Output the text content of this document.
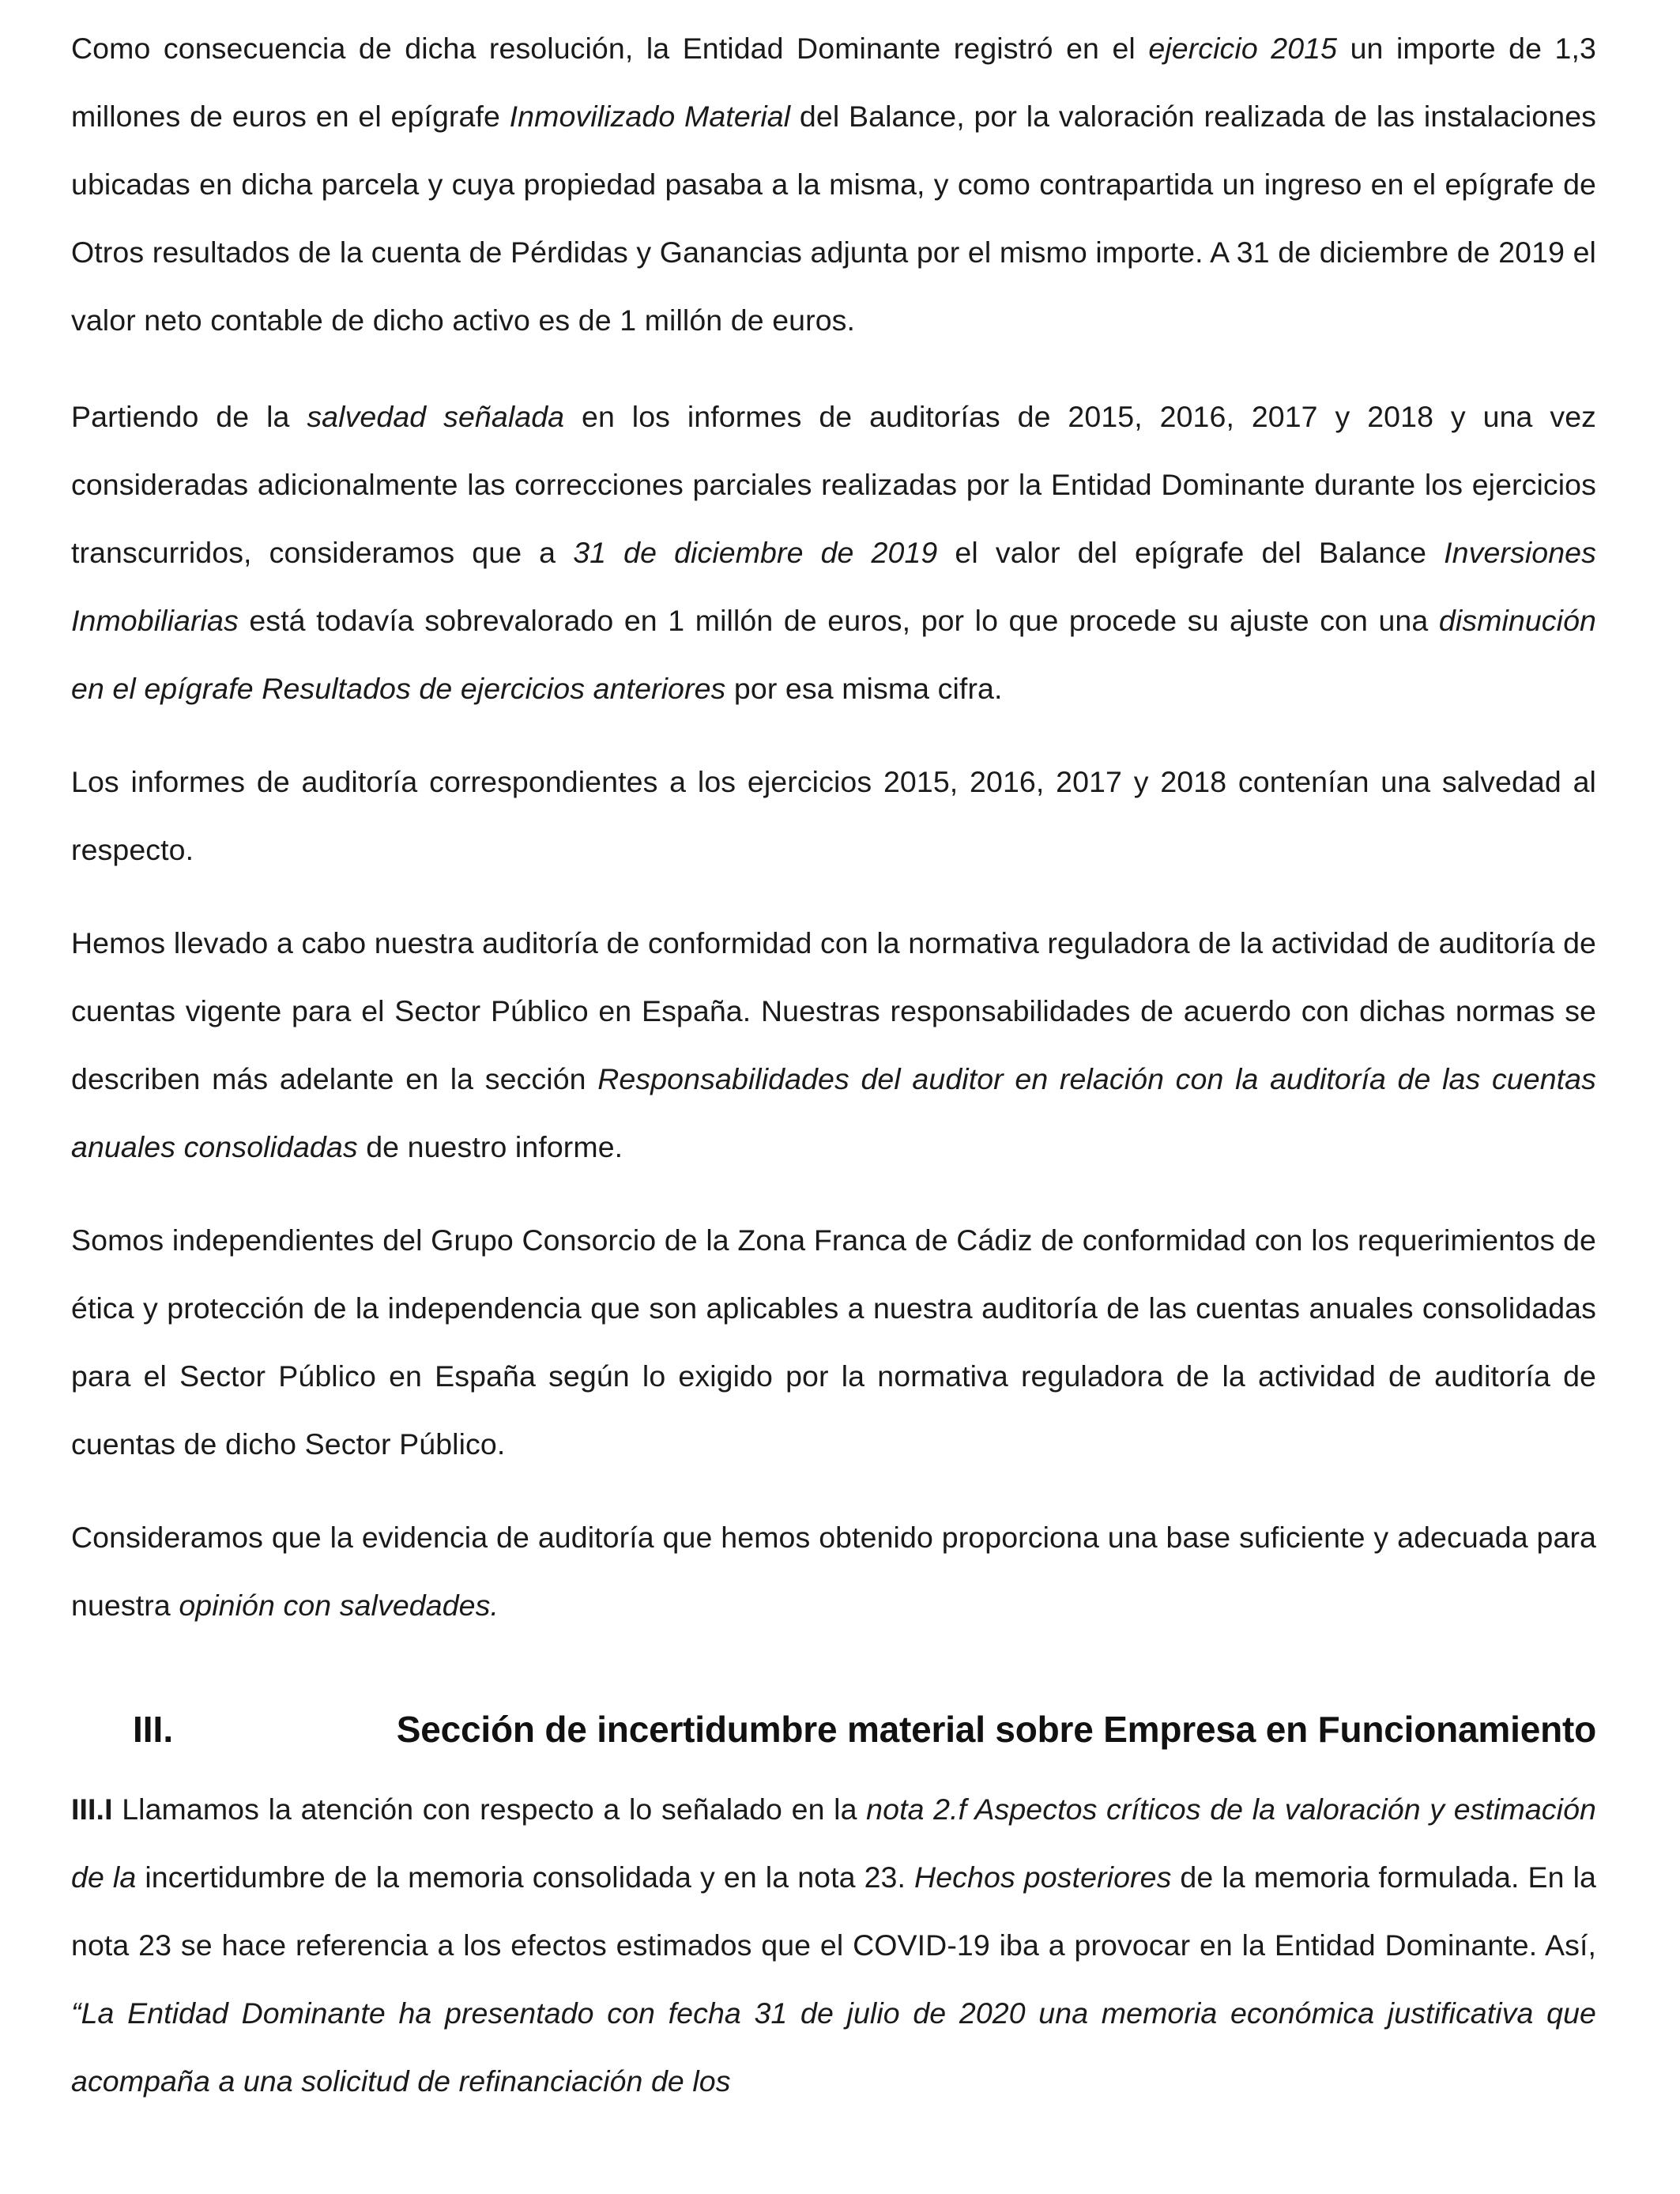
Como consecuencia de dicha resolución, la Entidad Dominante registró en el ejercicio 2015 un importe de 1,3 millones de euros en el epígrafe Inmovilizado Material del Balance, por la valoración realizada de las instalaciones ubicadas en dicha parcela y cuya propiedad pasaba a la misma, y como contrapartida un ingreso en el epígrafe de Otros resultados de la cuenta de Pérdidas y Ganancias adjunta por el mismo importe. A 31 de diciembre de 2019 el valor neto contable de dicho activo es de 1 millón de euros.

Partiendo de la salvedad señalada en los informes de auditorías de 2015, 2016, 2017 y 2018 y una vez consideradas adicionalmente las correcciones parciales realizadas por la Entidad Dominante durante los ejercicios transcurridos, consideramos que a 31 de diciembre de 2019 el valor del epígrafe del Balance Inversiones Inmobiliarias está todavía sobrevalorado en 1 millón de euros, por lo que procede su ajuste con una disminución en el epígrafe Resultados de ejercicios anteriores por esa misma cifra.

Los informes de auditoría correspondientes a los ejercicios 2015, 2016, 2017 y 2018 contenían una salvedad al respecto.

Hemos llevado a cabo nuestra auditoría de conformidad con la normativa reguladora de la actividad de auditoría de cuentas vigente para el Sector Público en España. Nuestras responsabilidades de acuerdo con dichas normas se describen más adelante en la sección Responsabilidades del auditor en relación con la auditoría de las cuentas anuales consolidadas de nuestro informe.

Somos independientes del Grupo Consorcio de la Zona Franca de Cádiz de conformidad con los requerimientos de ética y protección de la independencia que son aplicables a nuestra auditoría de las cuentas anuales consolidadas para el Sector Público en España según lo exigido por la normativa reguladora de la actividad de auditoría de cuentas de dicho Sector Público.

Consideramos que la evidencia de auditoría que hemos obtenido proporciona una base suficiente y adecuada para nuestra opinión con salvedades.

III.	Sección de incertidumbre material sobre Empresa en Funcionamiento

III.I Llamamos la atención con respecto a lo señalado en la nota 2.f Aspectos críticos de la valoración y estimación de la incertidumbre de la memoria consolidada y en la nota 23. Hechos posteriores de la memoria formulada. En la nota 23 se hace referencia a los efectos estimados que el COVID-19 iba a provocar en la Entidad Dominante. Así, “La Entidad Dominante ha presentado con fecha 31 de julio de 2020 una memoria económica justificativa que acompaña a una solicitud de refinanciación de los
